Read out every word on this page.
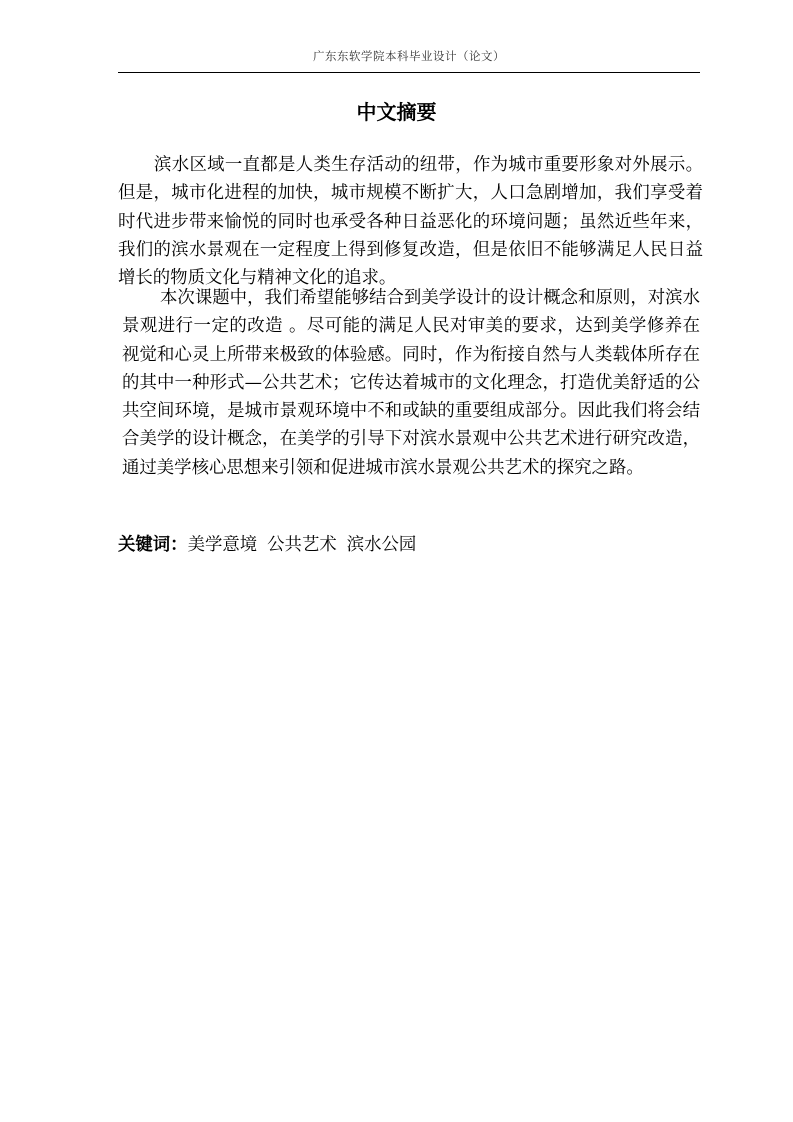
广东东软学院本科毕业设计（论文）
中文摘要
滨水区域一直都是人类生存活动的纽带，作为城市重要形象对外展示。但是，城市化进程的加快，城市规模不断扩大，人口急剧增加，我们享受着时代进步带来愉悦的同时也承受各种日益恶化的环境问题；虽然近些年来，我们的滨水景观在一定程度上得到修复改造，但是依旧不能够满足人民日益增长的物质文化与精神文化的追求。
本次课题中，我们希望能够结合到美学设计的设计概念和原则，对滨水景观进行一定的改造 。尽可能的满足人民对审美的要求，达到美学修养在视觉和心灵上所带来极致的体验感。同时，作为衔接自然与人类载体所存在的其中一种形式—公共艺术；它传达着城市的文化理念，打造优美舒适的公共空间环境，是城市景观环境中不和或缺的重要组成部分。因此我们将会结合美学的设计概念，在美学的引导下对滨水景观中公共艺术进行研究改造，通过美学核心思想来引领和促进城市滨水景观公共艺术的探究之路。
关键词：美学意境 公共艺术 滨水公园
